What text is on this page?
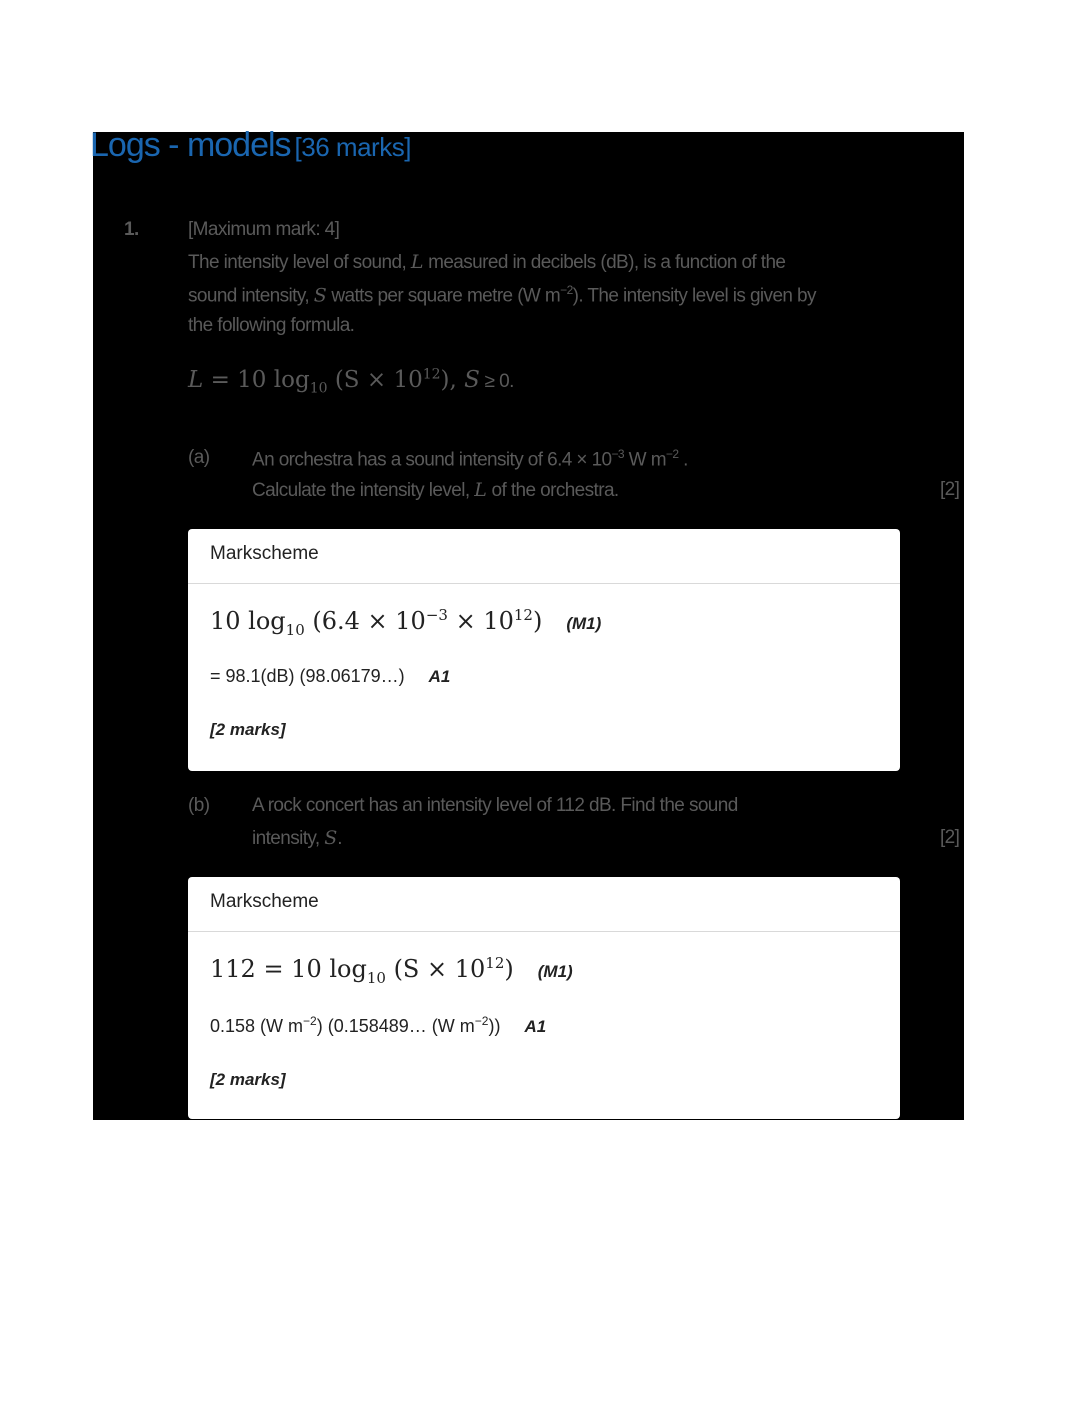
Logs - models [36 marks]
1.	[Maximum mark: 4]
The intensity level of sound, L measured in decibels (dB), is a function of the
sound intensity, S watts per square metre (W $m^{-2}$). The intensity level is given by
the following formula.
L = 10 $\log_{10} (S \times 10^{12})$, S ≥ 0.
(a) An orchestra has a sound intensity of $6.4 \times 10^{-3}$ W $m^{-2}$ .
Calculate the intensity level, L of the orchestra.	[2]
Markscheme
10 $\log_{10} (6.4 \times 10^{-3} \times 10^{12})$ (M1)
= 98.1(dB) (98.06179…) A1
[2 marks]
(b) A rock concert has an intensity level of 112 dB. Find the sound
intensity, S.	[2]
Markscheme
112 = 10 $\log_{10} (S \times 10^{12})$ (M1)
0.158 (W $m^{-2}$) (0.158489… (W $m^{-2}$)) A1
[2 marks]
